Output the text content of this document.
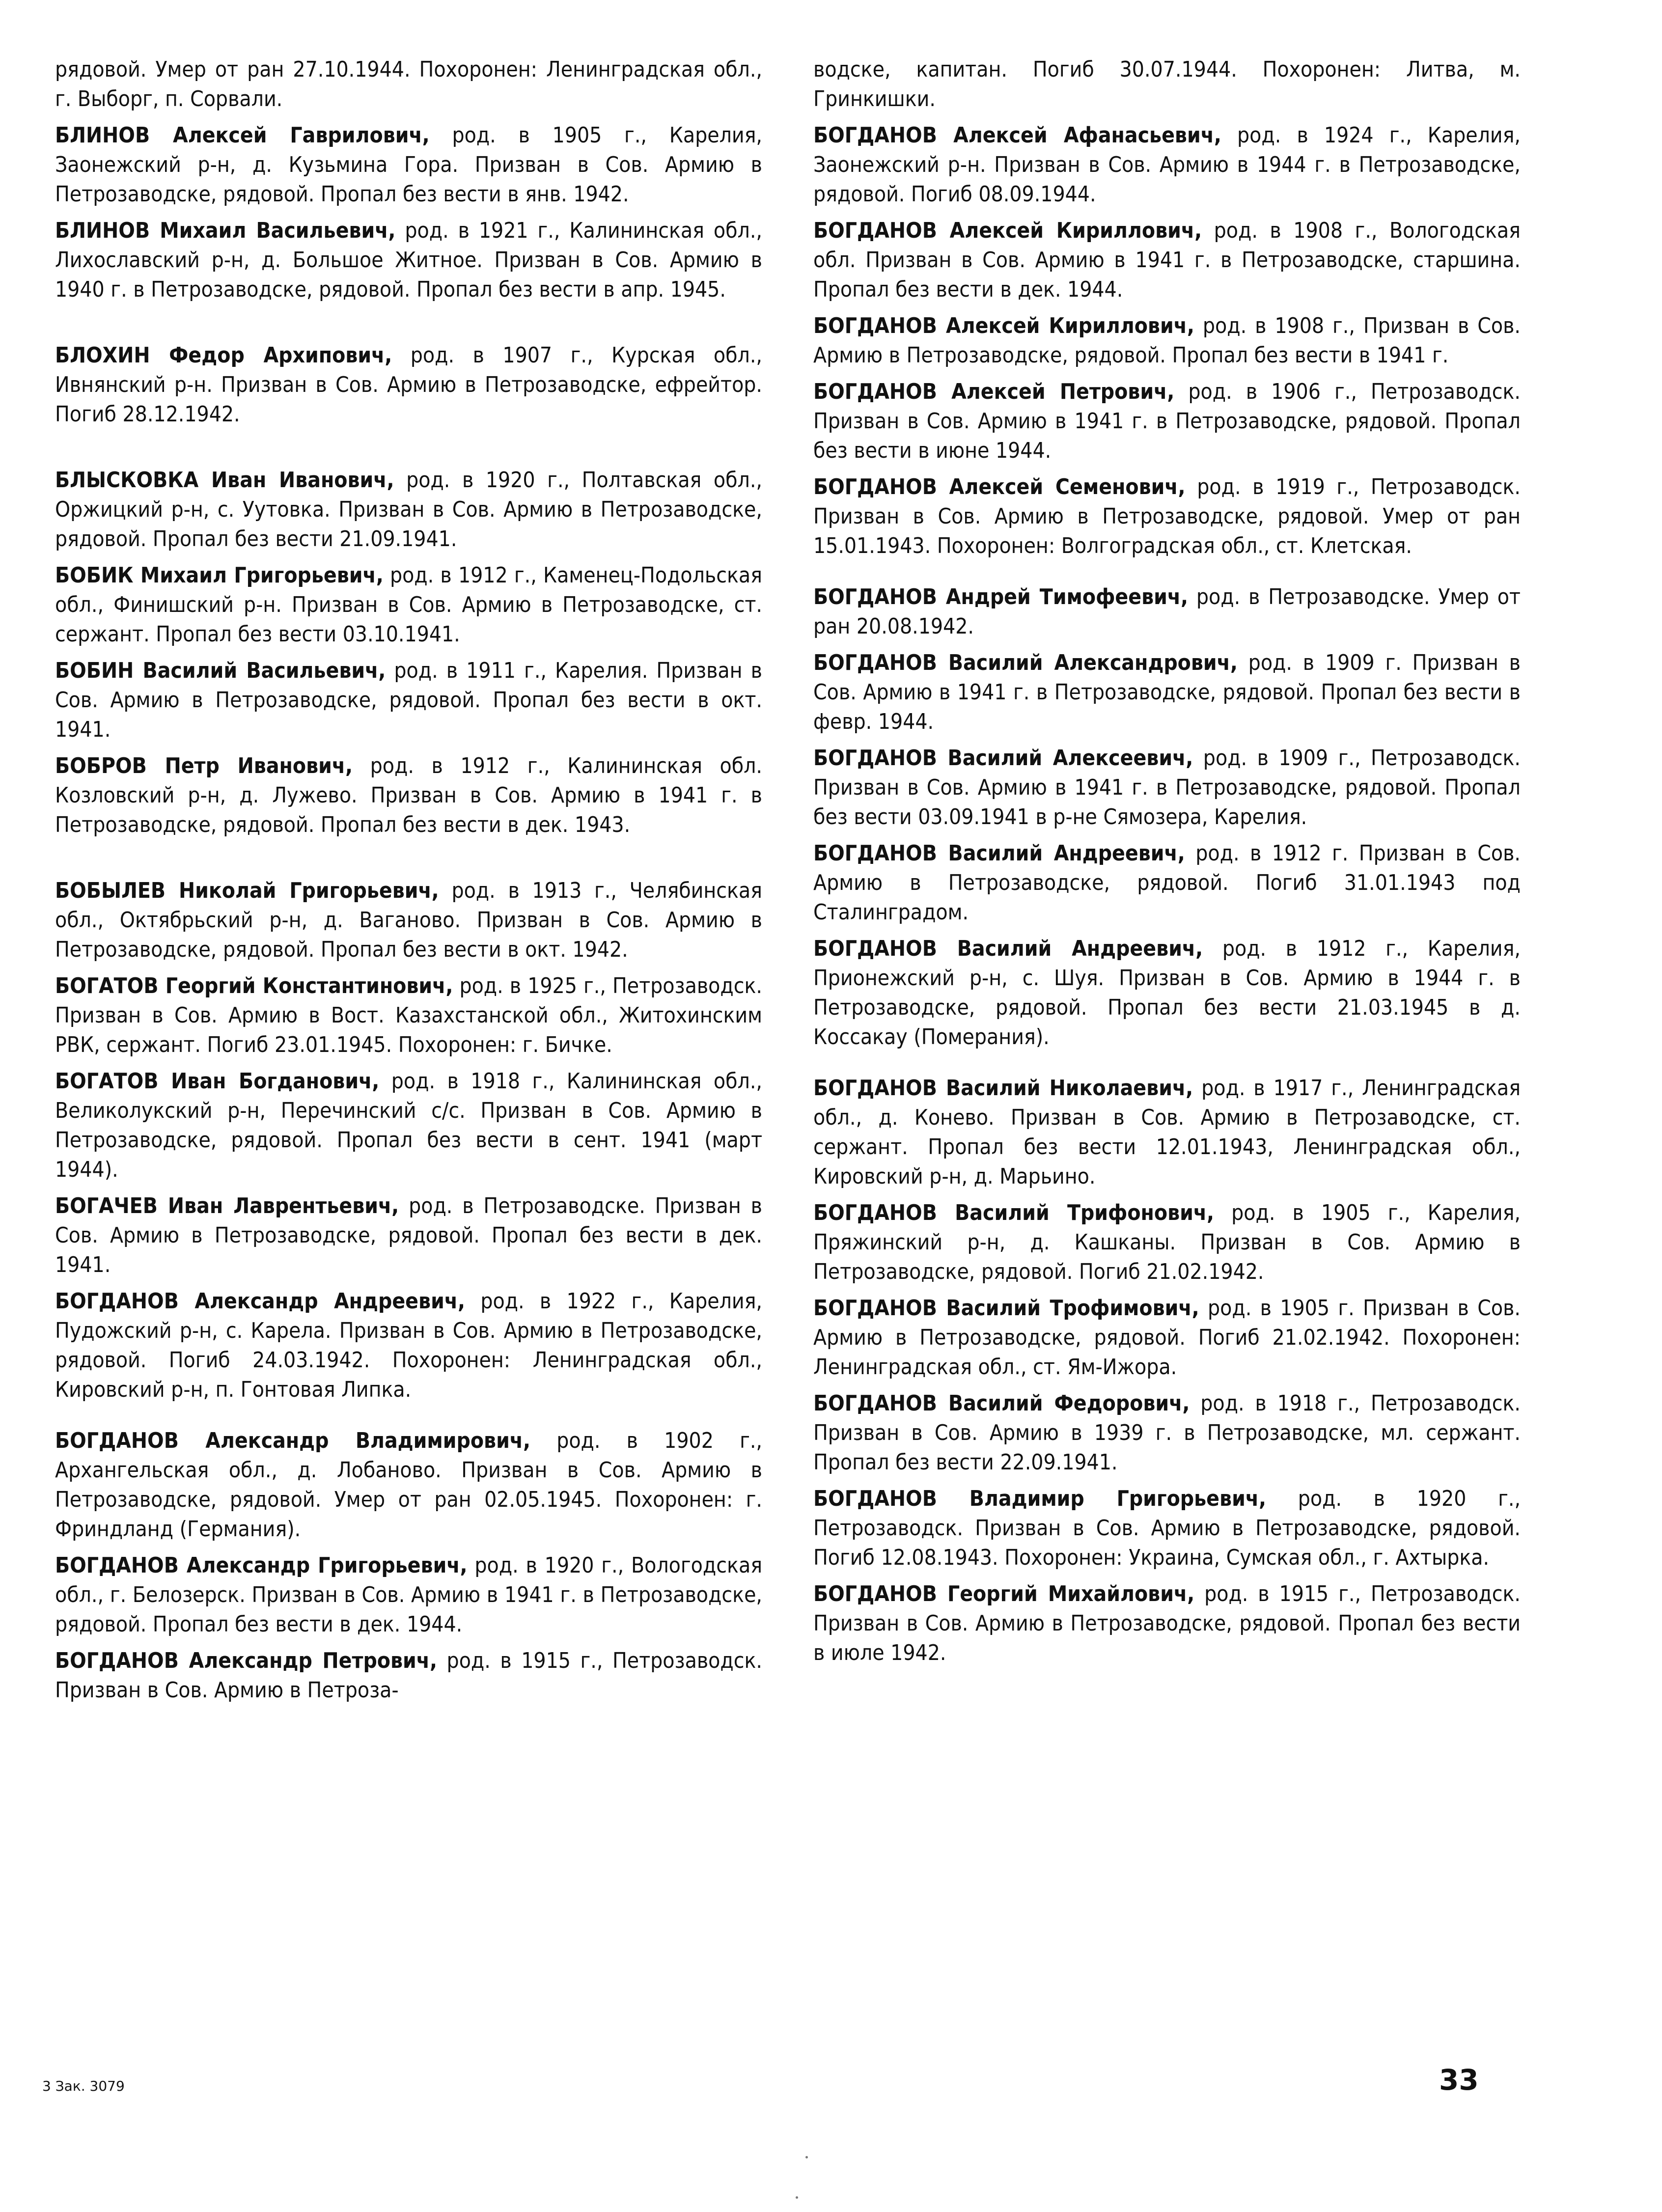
рядовой. Умер от ран 27.10.1944. Похоронен: Ленинградская обл., г. Выборг, п. Сорвали.

БЛИНОВ Алексей Гаврилович, род. в 1905 г., Карелия, Заонежский р-н, д. Кузьмина Гора. Призван в Сов. Армию в Петрозаводске, рядовой. Пропал без вести в янв. 1942.

БЛИНОВ Михаил Васильевич, род. в 1921 г., Калининская обл., Лихославский р-н, д. Большое Житное. Призван в Сов. Армию в 1940 г. в Петрозаводске, рядовой. Пропал без вести в апр. 1945.

БЛОХИН Федор Архипович, род. в 1907 г., Курская обл., Ивнянский р-н. Призван в Сов. Армию в Петрозаводске, ефрейтор. Погиб 28.12.1942.

БЛЫСКОВКА Иван Иванович, род. в 1920 г., Полтавская обл., Оржицкий р-н, с. Уутовка. Призван в Сов. Армию в Петрозаводске, рядовой. Пропал без вести 21.09.1941.

БОБИК Михаил Григорьевич, род. в 1912 г., Каменец-Подольская обл., Финишский р-н. Призван в Сов. Армию в Петрозаводске, ст. сержант. Пропал без вести 03.10.1941.

БОБИН Василий Васильевич, род. в 1911 г., Карелия. Призван в Сов. Армию в Петрозаводске, рядовой. Пропал без вести в окт. 1941.

БОБРОВ Петр Иванович, род. в 1912 г., Калининская обл. Козловский р-н, д. Лужево. Призван в Сов. Армию в 1941 г. в Петрозаводске, рядовой. Пропал без вести в дек. 1943.

БОБЫЛЕВ Николай Григорьевич, род. в 1913 г., Челябинская обл., Октябрьский р-н, д. Ваганово. Призван в Сов. Армию в Петрозаводске, рядовой. Пропал без вести в окт. 1942.

БОГАТОВ Георгий Константинович, род. в 1925 г., Петрозаводск. Призван в Сов. Армию в Вост. Казахстанской обл., Житохинским РВК, сержант. Погиб 23.01.1945. Похоронен: г. Бичке.

БОГАТОВ Иван Богданович, род. в 1918 г., Калининская обл., Великолукский р-н, Перечинский с/с. Призван в Сов. Армию в Петрозаводске, рядовой. Пропал без вести в сент. 1941 (март 1944).

БОГАЧЕВ Иван Лаврентьевич, род. в Петрозаводске. Призван в Сов. Армию в Петрозаводске, рядовой. Пропал без вести в дек. 1941.

БОГДАНОВ Александр Андреевич, род. в 1922 г., Карелия, Пудожский р-н, с. Карела. Призван в Сов. Армию в Петрозаводске, рядовой. Погиб 24.03.1942. Похоронен: Ленинградская обл., Кировский р-н, п. Гонтовая Липка.

БОГДАНОВ Александр Владимирович, род. в 1902 г., Архангельская обл., д. Лобаново. Призван в Сов. Армию в Петрозаводске, рядовой. Умер от ран 02.05.1945. Похоронен: г. Фриндланд (Германия).

БОГДАНОВ Александр Григорьевич, род. в 1920 г., Вологодская обл., г. Белозерск. Призван в Сов. Армию в 1941 г. в Петрозаводске, рядовой. Пропал без вести в дек. 1944.

БОГДАНОВ Александр Петрович, род. в 1915 г., Петрозаводск. Призван в Сов. Армию в Петроза-

водске, капитан. Погиб 30.07.1944. Похоронен: Литва, м. Гринкишки.

БОГДАНОВ Алексей Афанасьевич, род. в 1924 г., Карелия, Заонежский р-н. Призван в Сов. Армию в 1944 г. в Петрозаводске, рядовой. Погиб 08.09.1944.

БОГДАНОВ Алексей Кириллович, род. в 1908 г., Вологодская обл. Призван в Сов. Армию в 1941 г. в Петрозаводске, старшина. Пропал без вести в дек. 1944.

БОГДАНОВ Алексей Кириллович, род. в 1908 г., Призван в Сов. Армию в Петрозаводске, рядовой. Пропал без вести в 1941 г.

БОГДАНОВ Алексей Петрович, род. в 1906 г., Петрозаводск. Призван в Сов. Армию в 1941 г. в Петрозаводске, рядовой. Пропал без вести в июне 1944.

БОГДАНОВ Алексей Семенович, род. в 1919 г., Петрозаводск. Призван в Сов. Армию в Петрозаводске, рядовой. Умер от ран 15.01.1943. Похоронен: Волгоградская обл., ст. Клетская.

БОГДАНОВ Андрей Тимофеевич, род. в Петрозаводске. Умер от ран 20.08.1942.

БОГДАНОВ Василий Александрович, род. в 1909 г. Призван в Сов. Армию в 1941 г. в Петрозаводске, рядовой. Пропал без вести в февр. 1944.

БОГДАНОВ Василий Алексеевич, род. в 1909 г., Петрозаводск. Призван в Сов. Армию в 1941 г. в Петрозаводске, рядовой. Пропал без вести 03.09.1941 в р-не Сямозера, Карелия.

БОГДАНОВ Василий Андреевич, род. в 1912 г. Призван в Сов. Армию в Петрозаводске, рядовой. Погиб 31.01.1943 под Сталинградом.

БОГДАНОВ Василий Андреевич, род. в 1912 г., Карелия, Прионежский р-н, с. Шуя. Призван в Сов. Армию в 1944 г. в Петрозаводске, рядовой. Пропал без вести 21.03.1945 в д. Коссакау (Померания).

БОГДАНОВ Василий Николаевич, род. в 1917 г., Ленинградская обл., д. Конево. Призван в Сов. Армию в Петрозаводске, ст. сержант. Пропал без вести 12.01.1943, Ленинградская обл., Кировский р-н, д. Марьино.

БОГДАНОВ Василий Трифонович, род. в 1905 г., Карелия, Пряжинский р-н, д. Кашканы. Призван в Сов. Армию в Петрозаводске, рядовой. Погиб 21.02.1942.

БОГДАНОВ Василий Трофимович, род. в 1905 г. Призван в Сов. Армию в Петрозаводске, рядовой. Погиб 21.02.1942. Похоронен: Ленинградская обл., ст. Ям-Ижора.

БОГДАНОВ Василий Федорович, род. в 1918 г., Петрозаводск. Призван в Сов. Армию в 1939 г. в Петрозаводске, мл. сержант. Пропал без вести 22.09.1941.

БОГДАНОВ Владимир Григорьевич, род. в 1920 г., Петрозаводск. Призван в Сов. Армию в Петрозаводске, рядовой. Погиб 12.08.1943. Похоронен: Украина, Сумская обл., г. Ахтырка.

БОГДАНОВ Георгий Михайлович, род. в 1915 г., Петрозаводск. Призван в Сов. Армию в Петрозаводске, рядовой. Пропал без вести в июле 1942.

3 Зак. 3079	33
